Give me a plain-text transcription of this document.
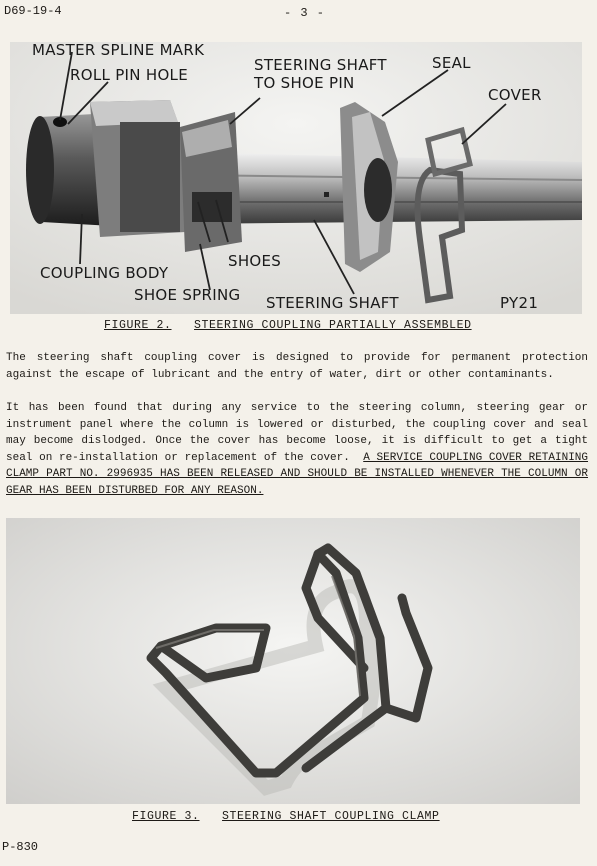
D69-19-4	- 3 -
MASTER SPLINE MARK
ROLL PIN HOLE
STEERING SHAFT
TO SHOE PIN
SEAL
COVER
SHOES
COUPLING BODY
SHOE SPRING STEERING SHAFT	PY21
FIGURE 2. STEERING COUPLING PARTIALLY ASSEMBLED
The steering shaft coupling cover is designed to provide for permanent protection against the escape of lubricant and the entry of water, dirt or other contaminants.
It has been found that during any service to the steering column, steering gear or instrument panel where the column is lowered or disturbed, the coupling cover and seal may become dislodged. Once the cover has become loose, it is difficult to get a tight seal on re-installation or replacement of the cover. A SERVICE COUPLING COVER RETAINING CLAMP PART NO. 2996935 HAS BEEN RELEASED AND SHOULD BE INSTALLED WHENEVER THE COLUMN OR GEAR HAS BEEN DISTURBED FOR ANY REASON.
FIGURE 3. STEERING SHAFT COUPLING CLAMP
P-830
